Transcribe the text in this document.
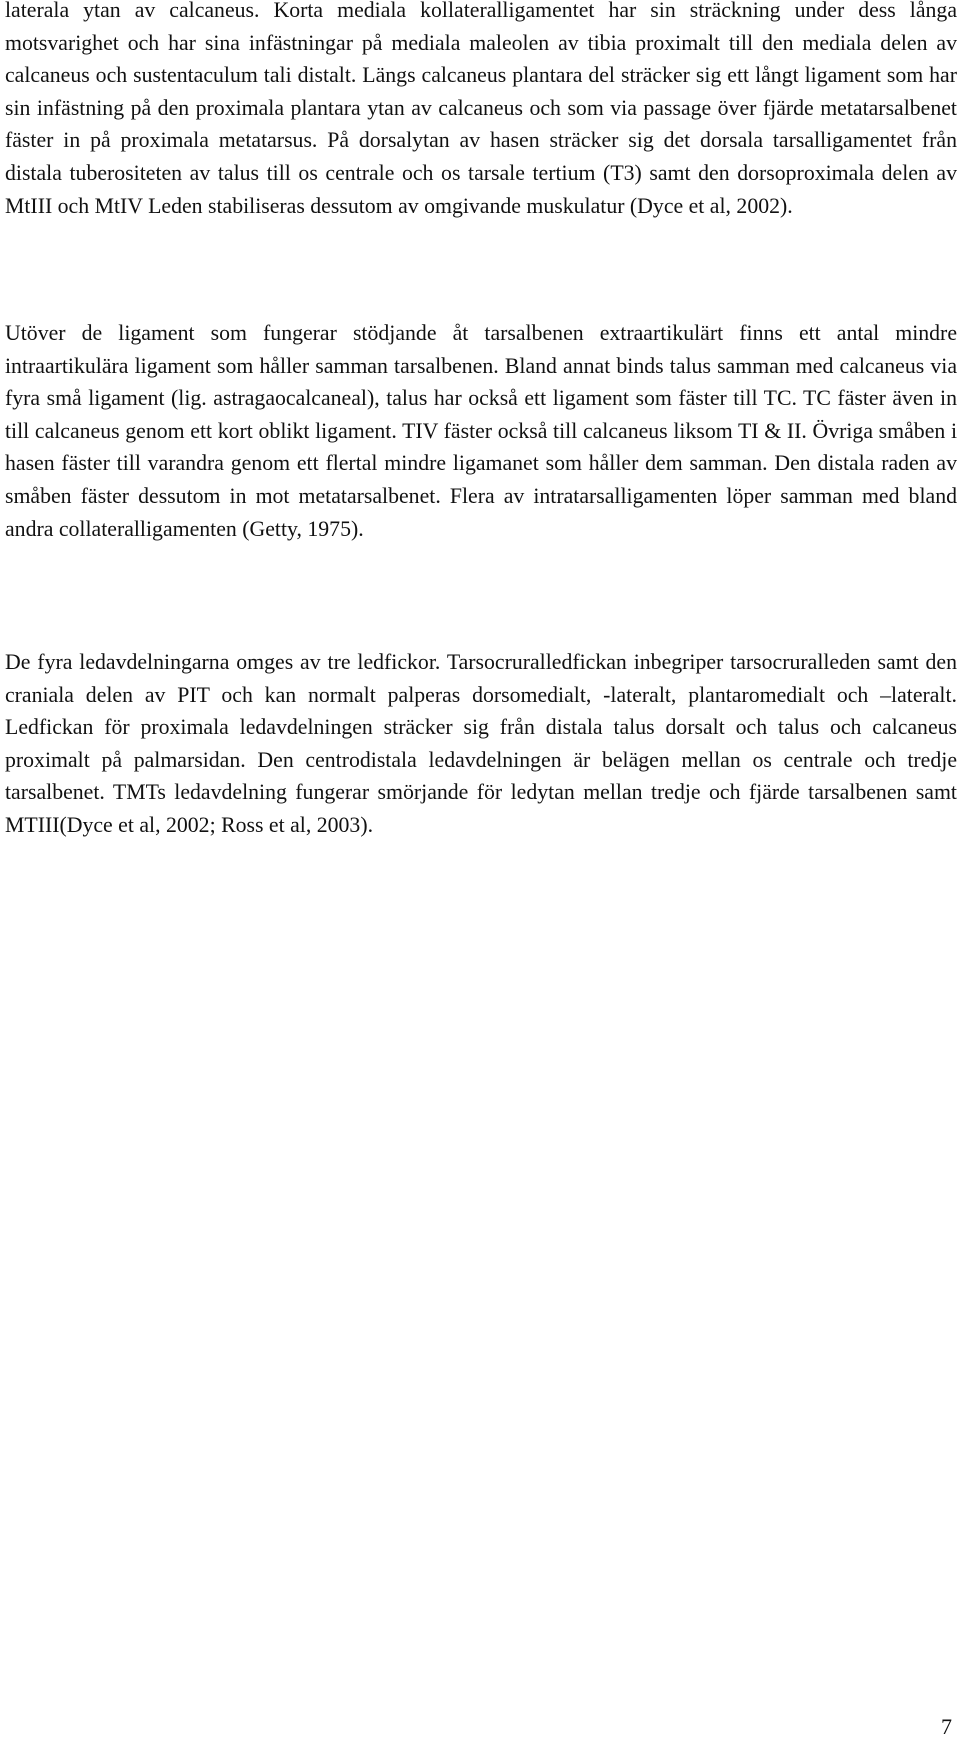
laterala ytan av calcaneus. Korta mediala kollateralligamentet har sin sträckning under dess långa motsvarighet och har sina infästningar på mediala maleolen av tibia proximalt till den mediala delen av calcaneus och sustentaculum tali distalt. Längs calcaneus plantara del sträcker sig ett långt ligament som har sin infästning på den proximala plantara ytan av calcaneus och som via passage över fjärde metatarsalbenet fäster in på proximala metatarsus. På dorsalytan av hasen sträcker sig det dorsala tarsalligamentet från distala tuberositeten av talus till os centrale och os tarsale tertium (T3) samt den dorsoproximala delen av MtIII och MtIV Leden stabiliseras dessutom av omgivande muskulatur (Dyce et al, 2002).

Utöver de ligament som fungerar stödjande åt tarsalbenen extraartikulärt finns ett antal mindre intraartikulära ligament som håller samman tarsalbenen. Bland annat binds talus samman med calcaneus via fyra små ligament (lig. astragaocalcaneal), talus har också ett ligament som fäster till TC. TC fäster även in till calcaneus genom ett kort oblikt ligament. TIV fäster också till calcaneus liksom TI & II. Övriga småben i hasen fäster till varandra genom ett flertal mindre ligamanet som håller dem samman. Den distala raden av småben fäster dessutom in mot metatarsalbenet. Flera av intratarsalligamenten löper samman med bland andra collateralligamenten (Getty, 1975).

De fyra ledavdelningarna omges av tre ledfickor. Tarsocruralledfickan inbegriper tarsocruralleden samt den craniala delen av PIT och kan normalt palperas dorsomedialt, -lateralt, plantaromedialt och –lateralt. Ledfickan för proximala ledavdelningen sträcker sig från distala talus dorsalt och talus och calcaneus proximalt på palmarsidan. Den centrodistala ledavdelningen är belägen mellan os centrale och tredje tarsalbenet. TMTs ledavdelning fungerar smörjande för ledytan mellan tredje och fjärde tarsalbenen samt MTIII(Dyce et al, 2002; Ross et al, 2003).

7
